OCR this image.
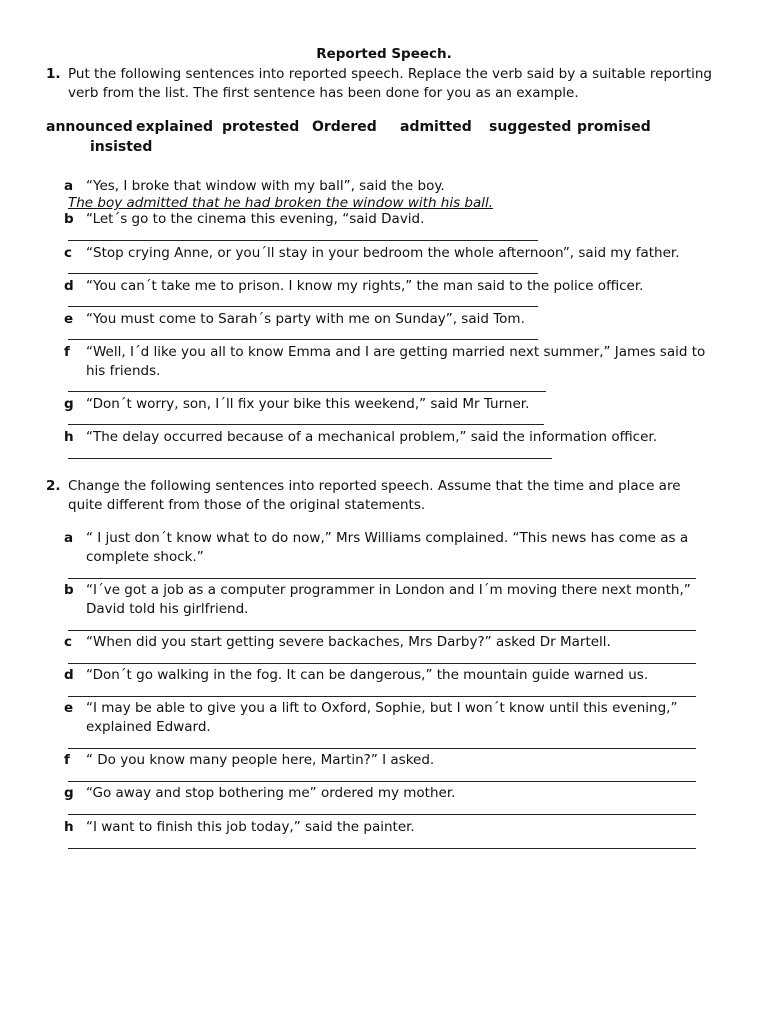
Reported Speech.
1. Put the following sentences into reported speech. Replace the verb said by a suitable reporting verb from the list. The first sentence has been done for you as an example.
announced explained protested Ordered admitted suggested promised
insisted
a “Yes, I broke that window with my ball”, said the boy.
The boy admitted that he had broken the window with his ball.
b “Let´s go to the cinema this evening, “said David.
c	“Stop crying Anne, or you´ll stay in your bedroom the whole afternoon”, said my father.
d “You can´t take me to prison. I know my rights,” the man said to the police officer.
e “You must come to Sarah´s party with me on Sunday”, said Tom.
f	“Well, I´d like you all to know Emma and I are getting married next summer,” James said to his friends.
g “Don´t worry, son, I´ll fix your bike this weekend,” said Mr Turner.
h “The delay occurred because of a mechanical problem,” said the information officer.
2. Change the following sentences into reported speech. Assume that the time and place are quite different from those of the original statements.
a “ I just don´t know what to do now,” Mrs Williams complained. “This news has come as a complete shock.”
b “I´ve got a job as a computer programmer in London and I´m moving there next month,” David told his girlfriend.
c	“When did you start getting severe backaches, Mrs Darby?” asked Dr Martell.
d “Don´t go walking in the fog. It can be dangerous,” the mountain guide warned us.
e “I may be able to give you a lift to Oxford, Sophie, but I won´t know until this evening,” explained Edward.
f	“ Do you know many people here, Martin?” I asked.
g “Go away and stop bothering me” ordered my mother.
h “I want to finish this job today,” said the painter.
